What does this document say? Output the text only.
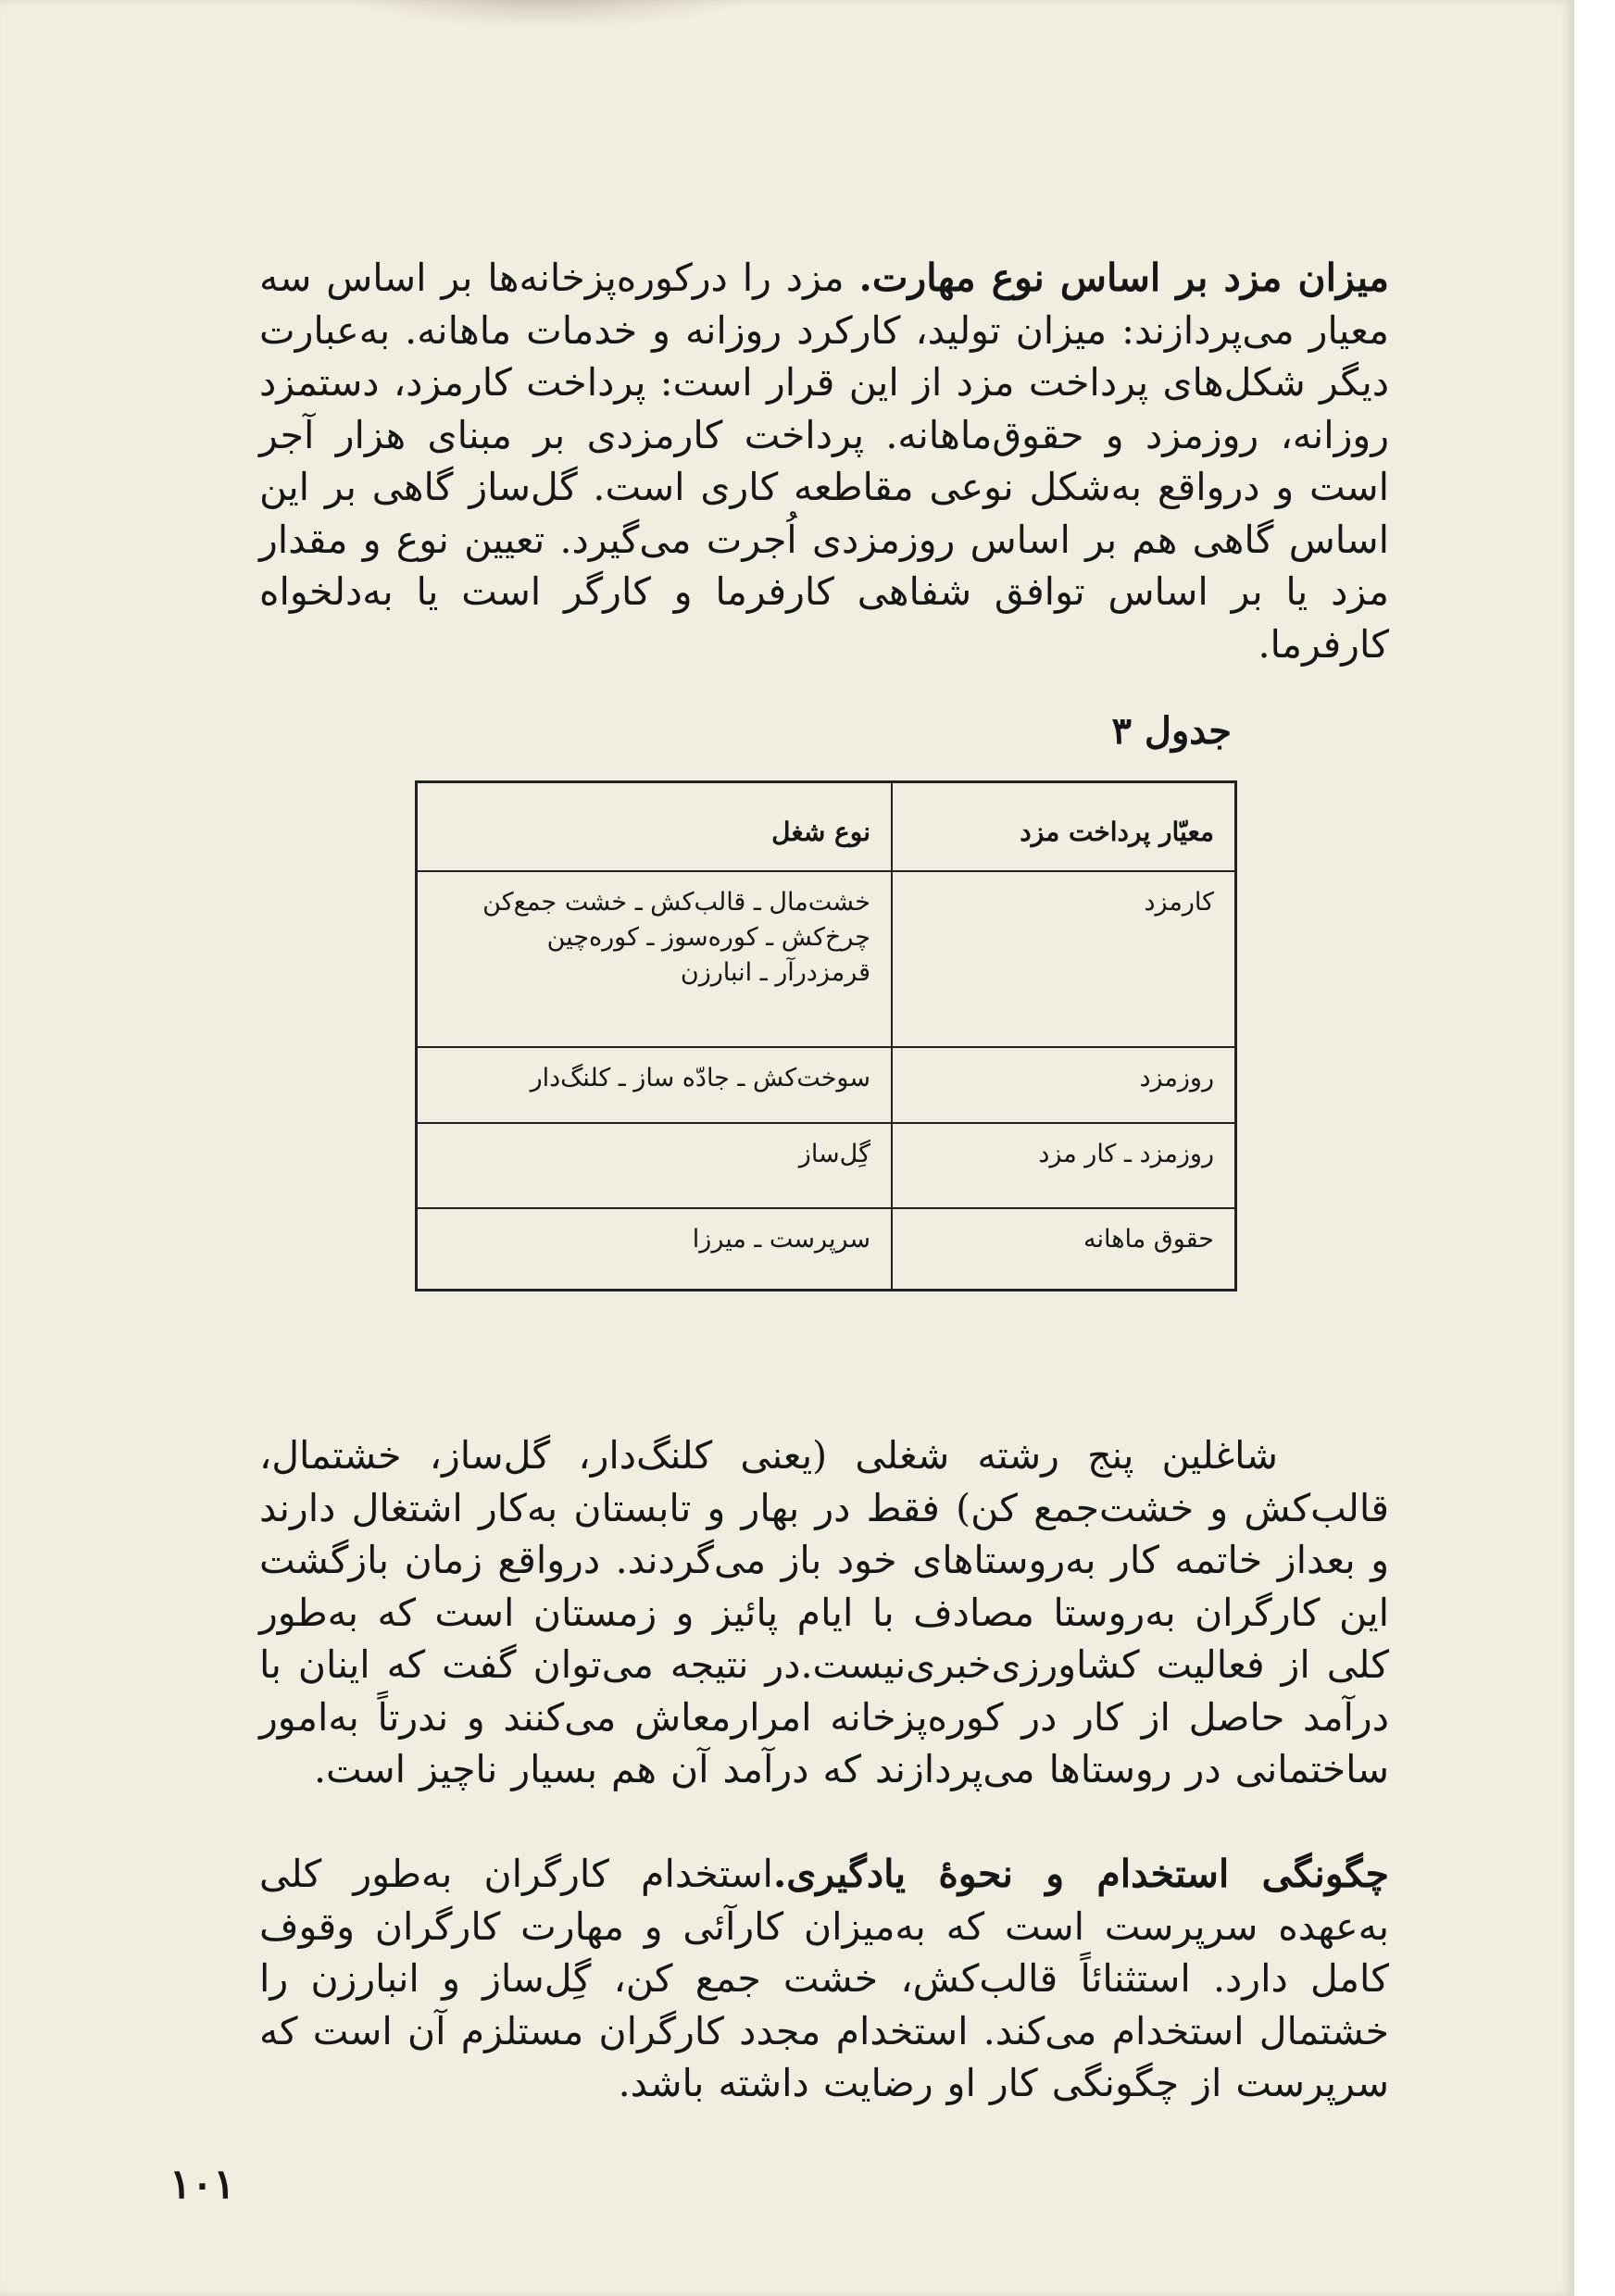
میزان مزد بر اساس نوع مهارت. مزد را درکوره‌پزخانه‌ها بر اساس سه معیار می‌پردازند: میزان تولید، کارکرد روزانه و خدمات ماهانه. به‌عبارت دیگر شکل‌های پرداخت مزد از این قرار است: پرداخت کارمزد، دستمزد روزانه، روزمزد و حقوق‌ماهانه. پرداخت کارمزدی بر مبنای هزار آجر است و درواقع به‌شکل نوعی مقاطعه کاری است. گل‌ساز گاهی بر این اساس گاهی هم بر اساس روزمزدی اُجرت می‌گیرد. تعیین نوع و مقدار مزد یا بر اساس توافق شفاهی کارفرما و کارگر است یا به‌دلخواه کارفرما.

جدول ۳
معیّار پرداخت مزد	نوع شغل
کارمزد	خشت‌مال ـ قالب‌کش ـ خشت جمع‌کن
چرخ‌کش ـ کوره‌سوز ـ کوره‌چین
قرمزدرآر ـ انبارزن

روزمزد	سوخت‌کش ـ جادّه ساز ـ کلنگ‌دار

روزمزد ـ کار مزد	گِل‌ساز

حقوق ماهانه	سرپرست ـ میرزا

شاغلین پنج رشته شغلی (یعنی کلنگ‌دار، گل‌ساز، خشتمال، قالب‌کش و خشت‌جمع کن) فقط در بهار و تابستان به‌کار اشتغال دارند و بعداز خاتمه کار به‌روستاهای خود باز می‌گردند. درواقع زمان بازگشت این کارگران به‌روستا مصادف با ایام پائیز و زمستان است که به‌طور کلی از فعالیت کشاورزی‌خبری‌نیست.در نتیجه می‌توان گفت که اینان با درآمد حاصل از کار در کوره‌پزخانه امرارمعاش می‌کنند و ندرتاً به‌امور ساختمانی در روستاها می‌پردازند که درآمد آن هم بسیار ناچیز است.

چگونگی استخدام و نحوهٔ یادگیری.استخدام کارگران به‌طور کلی به‌عهده سرپرست است که به‌میزان کارآئی و مهارت کارگران وقوف کامل دارد. استثنائاً قالب‌کش، خشت جمع کن، گِل‌ساز و انبارزن را خشتمال استخدام می‌کند. استخدام مجدد کارگران مستلزم آن است که سرپرست از چگونگی کار او رضایت داشته باشد.

۱۰۱
